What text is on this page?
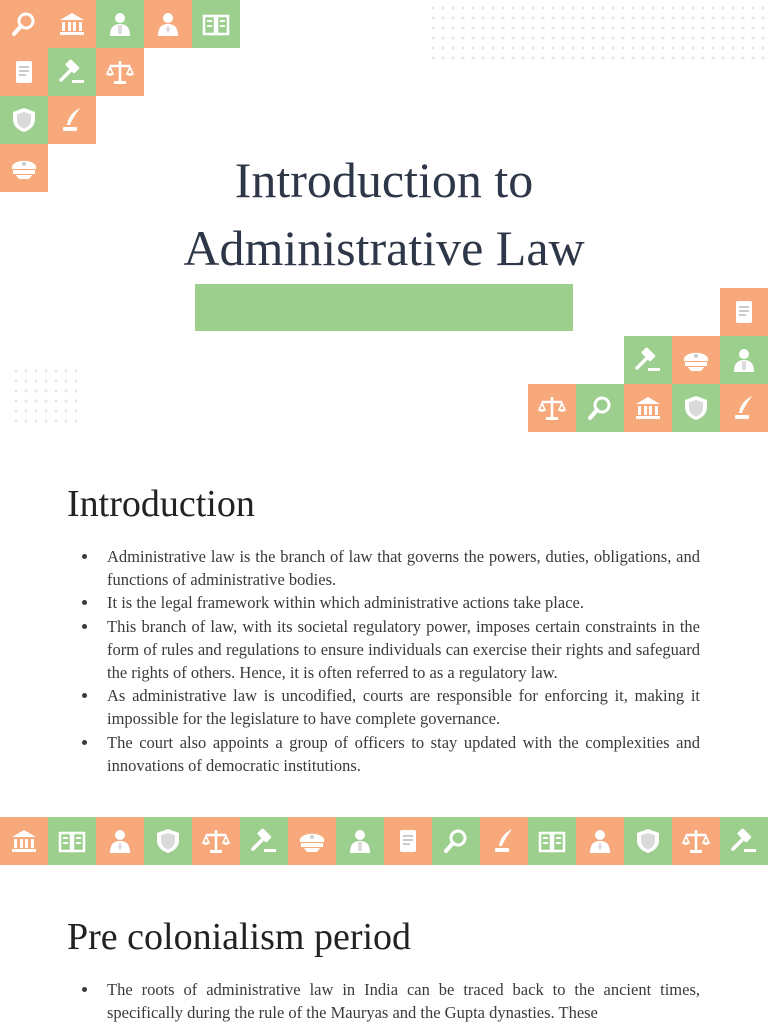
Introduction to
Administrative Law
Introduction
Administrative law is the branch of law that governs the powers, duties, obligations, and functions of administrative bodies.
It is the legal framework within which administrative actions take place.
This branch of law, with its societal regulatory power, imposes certain constraints in the form of rules and regulations to ensure individuals can exercise their rights and safeguard the rights of others. Hence, it is often referred to as a regulatory law.
As administrative law is uncodified, courts are responsible for enforcing it, making it impossible for the legislature to have complete governance.
The court also appoints a group of officers to stay updated with the complexities and innovations of democratic institutions.
Pre colonialism period
The roots of administrative law in India can be traced back to the ancient times, specifically during the rule of the Mauryas and the Gupta dynasties. These
